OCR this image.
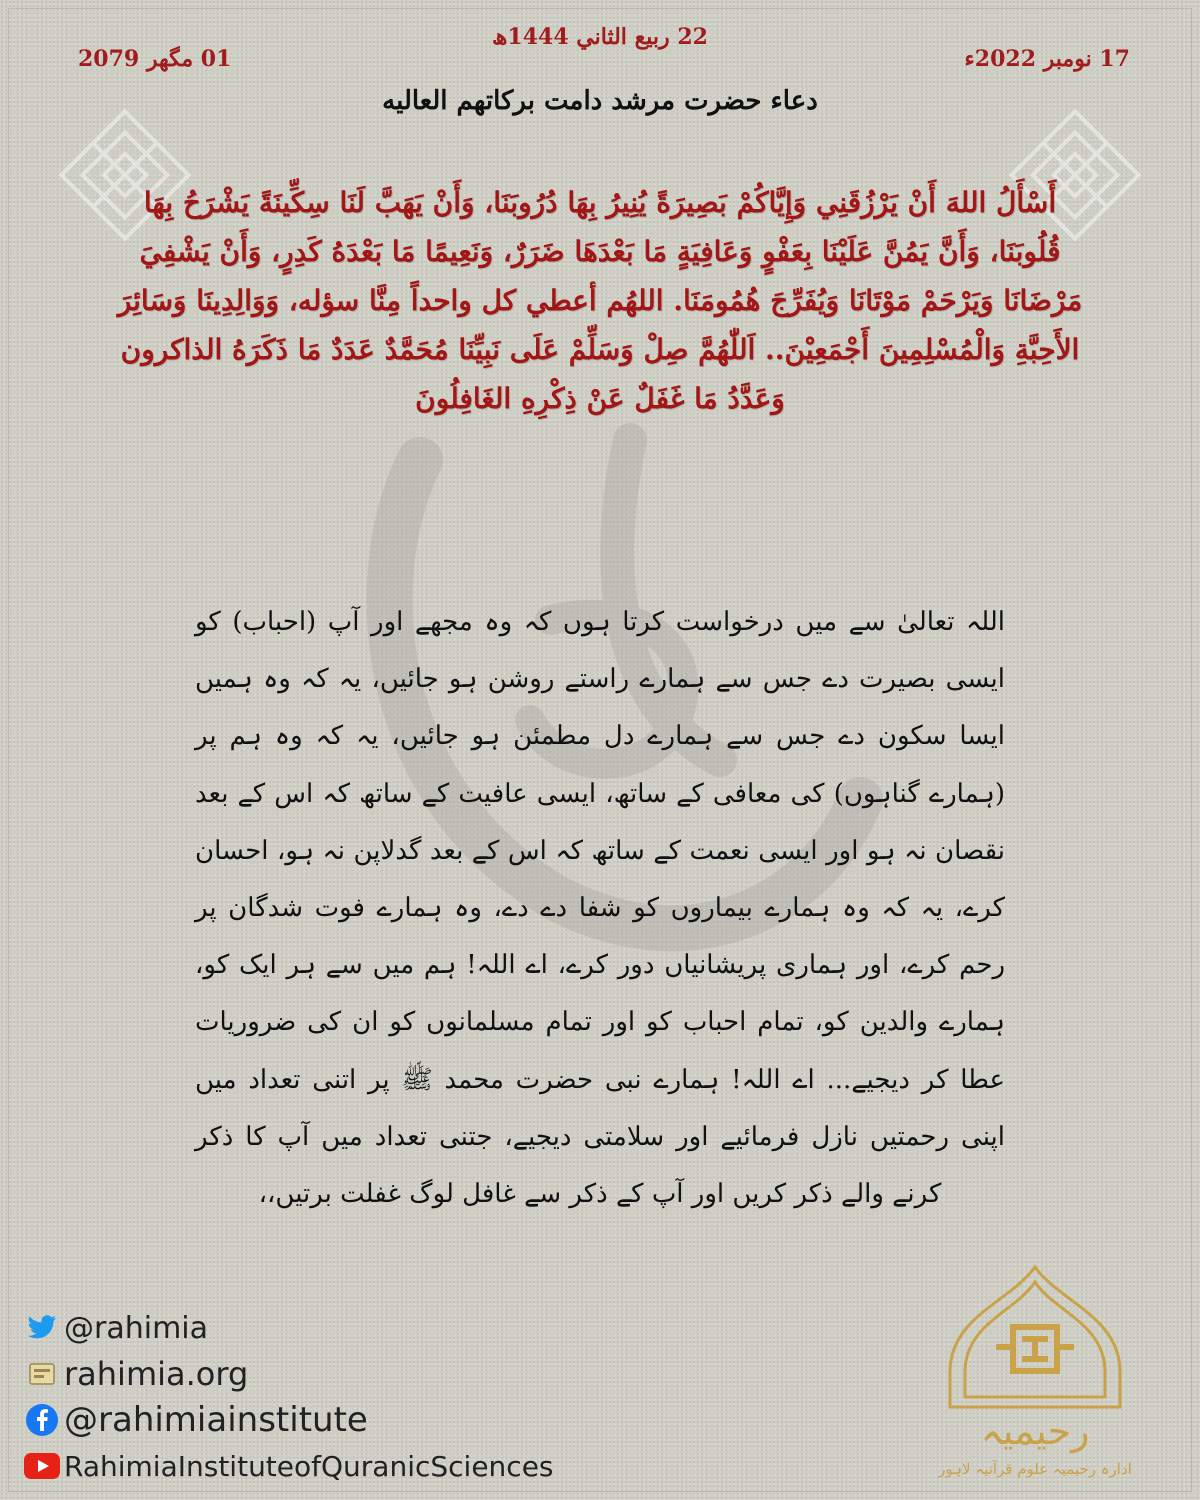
22 ربيع الثاني 1444ھ
17 نومبر 2022ء
01 مگھر 2079
دعاء حضرت مرشد دامت بركاتهم العاليه
أَسْأَلُ اللهَ أَنْ يَرْزُقَنِي وَإِيَّاكُمْ بَصِيرَةً يُنِيرُ بِهَا دُرُوبَنَا، وَأَنْ يَهَبَّ لَنَا سِكِّينَةً يَشْرَحُ بِهَا قُلُوبَنَا، وَأَنَّ يَمُنَّ عَلَيْنَا بِعَفْوٍ وَعَافِيَةٍ مَا بَعْدَهَا ضَرَرٌ، وَنَعِيمًا مَا بَعْدَهُ كَدِرٍ، وَأَنْ يَشْفِيَ مَرْضَانَا وَيَرْحَمْ مَوْتَانَا وَيُفَرِّجَ هُمُومَنَا. اللهُم أعطي كل واحداً مِنَّا سؤله، وَوَالِدِينَا وَسَائِرَ الأَحِبَّةِ وَالْمُسْلِمِينَ أَجْمَعِيْنَ.. اَللّٰهُمَّ صِلْ وَسَلِّمْ عَلَى نَبِيِّنَا مُحَمَّدٌ عَدَدٌ مَا ذَكَرَهُ الذاكرون وَعَدَّدُ مَا غَفَلٌ عَنْ ذِكْرِهِ الغَافِلُونَ
اللہ تعالیٰ سے میں درخواست کرتا ہوں کہ وہ مجھے اور آپ (احباب) کو ایسی بصیرت دے جس سے ہمارے راستے روشن ہو جائیں، یہ کہ وہ ہمیں ایسا سکون دے جس سے ہمارے دل مطمئن ہو جائیں، یہ کہ وہ ہم پر (ہمارے گناہوں) کی معافی کے ساتھ، ایسی عافیت کے ساتھ کہ اس کے بعد نقصان نہ ہو اور ایسی نعمت کے ساتھ کہ اس کے بعد گدلاپن نہ ہو، احسان کرے، یہ کہ وہ ہمارے بیماروں کو شفا دے دے، وہ ہمارے فوت شدگان پر رحم کرے، اور ہماری پریشانیاں دور کرے، اے اللہ! ہم میں سے ہر ایک کو، ہمارے والدین کو، تمام احباب کو اور تمام مسلمانوں کو ان کی ضروریات عطا کر دیجیے... اے اللہ! ہمارے نبی حضرت محمد ﷺ پر اتنی تعداد میں اپنی رحمتیں نازل فرمائیے اور سلامتی دیجیے، جتنی تعداد میں آپ کا ذکر کرنے والے ذکر کریں اور آپ کے ذکر سے غافل لوگ غفلت برتیں،،
@rahimia
rahimia.org
@rahimiainstitute
RahimiaInstituteofQuranicSciences
رحیمیہ
ادارہ رحیمیہ علوم قرآنیہ لاہور
